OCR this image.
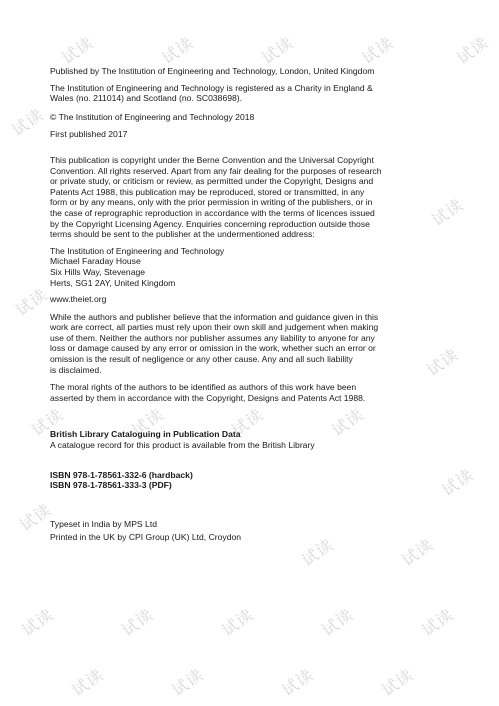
试读	试读	试读	试读	试读
试读
试读
试读
试读
试读	试读	试读	试读
试读
试读
试读	试读
试读	试读	试读	试读	试读
试读	试读	试读	试读

Published by The Institution of Engineering and Technology, London, United Kingdom

The Institution of Engineering and Technology is registered as a Charity in England &
Wales (no. 211014) and Scotland (no. SC038698).

© The Institution of Engineering and Technology 2018

First published 2017

This publication is copyright under the Berne Convention and the Universal Copyright
Convention. All rights reserved. Apart from any fair dealing for the purposes of research
or private study, or criticism or review, as permitted under the Copyright, Designs and
Patents Act 1988, this publication may be reproduced, stored or transmitted, in any
form or by any means, only with the prior permission in writing of the publishers, or in
the case of reprographic reproduction in accordance with the terms of licences issued
by the Copyright Licensing Agency. Enquiries concerning reproduction outside those
terms should be sent to the publisher at the undermentioned address:

The Institution of Engineering and Technology
Michael Faraday House
Six Hills Way, Stevenage
Herts, SG1 2AY, United Kingdom

www.theiet.org

While the authors and publisher believe that the information and guidance given in this
work are correct, all parties must rely upon their own skill and judgement when making
use of them. Neither the authors nor publisher assumes any liability to anyone for any
loss or damage caused by any error or omission in the work, whether such an error or
omission is the result of negligence or any other cause. Any and all such liability
is disclaimed.

The moral rights of the authors to be identified as authors of this work have been
asserted by them in accordance with the Copyright, Designs and Patents Act 1988.

British Library Cataloguing in Publication Data

A catalogue record for this product is available from the British Library

ISBN 978-1-78561-332-6 (hardback)
ISBN 978-1-78561-333-3 (PDF)

Typeset in India by MPS Ltd

Printed in the UK by CPI Group (UK) Ltd, Croydon
